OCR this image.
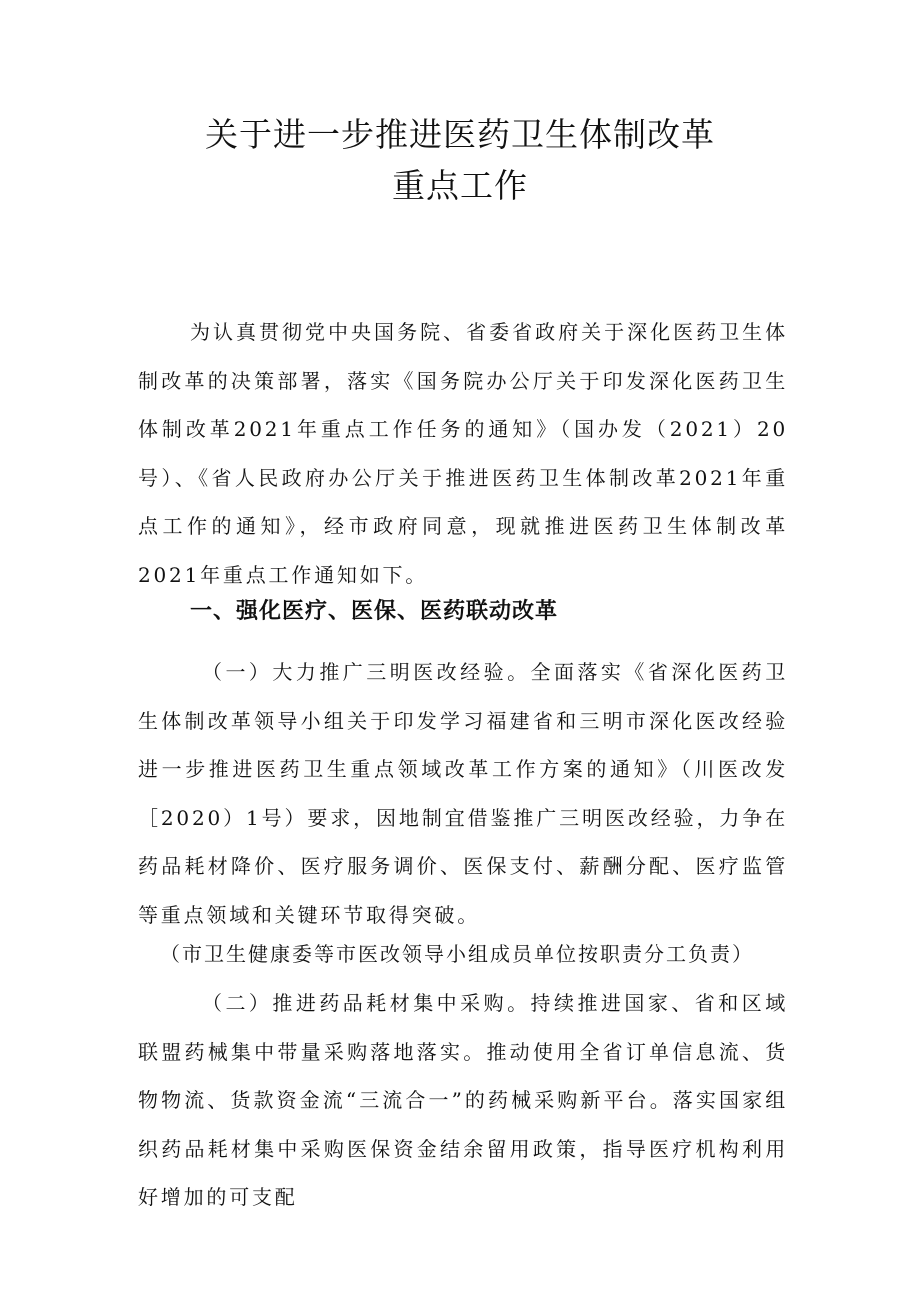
关于进一步推进医药卫生体制改革
重点工作

为认真贯彻党中央国务院、省委省政府关于深化医药卫生体制改革的决策部署，落实《国务院办公厅关于印发深化医药卫生体制改革2021年重点工作任务的通知》（国办发（2021）20号）、《省人民政府办公厅关于推进医药卫生体制改革2021年重点工作的通知》，经市政府同意，现就推进医药卫生体制改革2021年重点工作通知如下。

一、强化医疗、医保、医药联动改革

（一）大力推广三明医改经验。全面落实《省深化医药卫生体制改革领导小组关于印发学习福建省和三明市深化医改经验进一步推进医药卫生重点领域改革工作方案的通知》（川医改发［2020）1号）要求，因地制宜借鉴推广三明医改经验，力争在药品耗材降价、医疗服务调价、医保支付、薪酬分配、医疗监管等重点领域和关键环节取得突破。

（市卫生健康委等市医改领导小组成员单位按职责分工负责）

（二）推进药品耗材集中采购。持续推进国家、省和区域联盟药械集中带量采购落地落实。推动使用全省订单信息流、货物物流、货款资金流“三流合一”的药械采购新平台。落实国家组织药品耗材集中采购医保资金结余留用政策，指导医疗机构利用好增加的可支配
